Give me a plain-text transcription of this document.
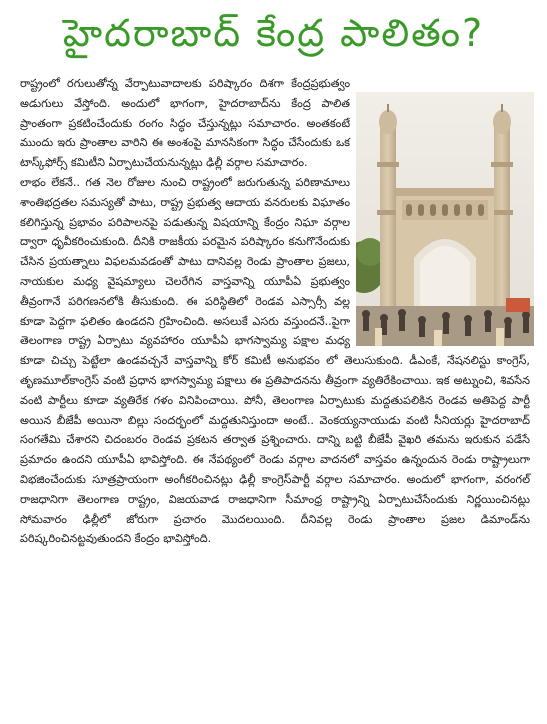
హైదరాబాద్ కేంద్ర పాలితం?

రాష్ట్రంలో రగులుతోన్న వేర్పాటువాదాలకు పరిష్కారం దిశగా కేంద్రప్రభుత్వం అడుగులు వేస్తోంది. అందులో భాగంగా, హైదరాబాద్‌ను కేంద్ర పాలిత ప్రాంతంగా ప్రకటించేందుకు రంగం సిద్ధం చేస్తున్నట్లు సమాచారం. అంతకంటే ముందు ఇరు ప్రాంతాల వారిని ఈ అంశంపై మానసికంగా సిద్ధం చేసేందుకు ఒక టాస్క్‌ఫోర్స్ కమిటీని ఏర్పాటుచేయనున్నట్లు ఢిల్లీ వర్గాల సమాచారం.

లాభం లేకనే.. గత నెల రోజుల నుంచి రాష్ట్రంలో జరుగుతున్న పరిణామాలు శాంతిభద్రతల సమస్యతో పాటు, రాష్ట్ర ప్రభుత్వ ఆదాయ వనరులకు విఘాతం కలిగిస్తున్న ప్రభావం పరిపాలనపై పడుతున్న విషయాన్ని కేంద్రం నిఘా వర్గాల ద్వారా ధృవీకరించుకుంది. దీనికి రాజకీయ పరమైన పరిష్కారం కనుగొనేందుకు చేసిన ప్రయత్నాలు విఫలమవడంతో పాటు దానివల్ల రెండు ప్రాంతాల ప్రజలు, నాయకుల మధ్య వైషమ్యాలు చెలరేగిన వాస్తవాన్ని యూపీఏ ప్రభుత్వం తీవ్రంగానే పరిగణనలోకి తీసుకుంది. ఈ పరిస్థితిలో రెండవ ఎస్సార్సీ వల్ల కూడా పెద్దగా ఫలితం ఉండదని గ్రహించింది. అసలుకే ఎసరు వస్తుందనే..పైగా తెలంగాణ రాష్ట్ర ఏర్పాటు వ్యవహారం యూపీఏ భాగస్వామ్య పక్షాల మధ్య కూడా చిచ్చు పెట్టేలా ఉండవచ్చనే వాస్తవాన్ని కోర్ కమిటీ అనుభవం లో తెలుసుకుంది. డీఎంకే, నేషనలిస్టు కాంగ్రెస్, తృణమూల్‌కాంగ్రెస్ వంటి ప్రధాన భాగస్వామ్య పక్షాలు ఈ ప్రతిపాదనను తీవ్రంగా వ్యతిరేకించాయి. ఇక అట్నుంచి, శివసేన వంటి పార్టీలు కూడా వ్యతిరేక గళం వినిపించాయి. పోనీ, తెలంగాణ ఏర్పాటుకు మద్దతుపలికిన రెండవ అతిపెద్ద పార్టీ అయిన బీజేపీ అయినా బిల్లు సందర్భంలో మద్దతునిస్తుందా అంటే.. వెంకయ్యనాయుడు వంటి సీనియర్లు హైదరాబాద్ సంగతేమి చేశారని చిదంబరం రెండవ ప్రకటన తర్వాత ప్రశ్నించారు. దాన్ని బట్టి బీజేపీ వైఖరి తమను ఇరుకున పడేసే ప్రమాదం ఉందని యూపీఏ భావిస్తోంది. ఈ నేపథ్యంలో రెండు వర్గాల వాదనలో వాస్తవం ఉన్నందున రెండు రాష్ట్రాలుగా విభజించేందుకు సూత్రప్రాయంగా అంగీకరించినట్లు ఢిల్లీ కాంగ్రెస్‌పార్టీ వర్గాల సమాచారం. అందులో భాగంగా, వరంగల్ రాజధానిగా తెలంగాణ రాష్ట్రం, విజయవాడ రాజధానిగా సీమాంధ్ర రాష్ట్రాన్ని ఏర్పాటుచేసేందుకు నిర్ణయించినట్లు సోమవారం ఢిల్లీలో జోరుగా ప్రచారం మొదలయింది. దీనివల్ల రెండు ప్రాంతాల ప్రజల డిమాండ్‌ను పరిష్కరించినట్టవుతుందని కేంద్రం భావిస్తోంది.
